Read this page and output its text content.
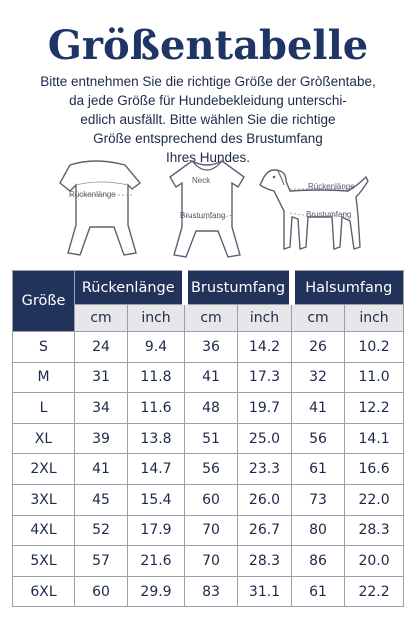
Größentabelle

Bitte entnehmen Sie die richtige Größe der Gròßentabe,
da jede Größe für Hundebekleidung unterschi-
edlich ausfällt. Bitte wählen Sie die richtige
Größe entsprechend des Brustumfang
Ihres Hundes.

Rückenlänge
Neck
Brustumfang
Rückenlänge
Brustumfang
Größe	Rückenlänge		Brustumfang		Halsumfang	
	cm	inch	cm	inch	cm	inch
S	24	9.4	36	14.2	26	10.2
M	31	11.8	41	17.3	32	11.0
L	34	11.6	48	19.7	41	12.2
XL	39	13.8	51	25.0	56	14.1
2XL	41	14.7	56	23.3	61	16.6
3XL	45	15.4	60	26.0	73	22.0
4XL	52	17.9	70	26.7	80	28.3
5XL	57	21.6	70	28.3	86	20.0
6XL	60	29.9	83	31.1	61	22.2
